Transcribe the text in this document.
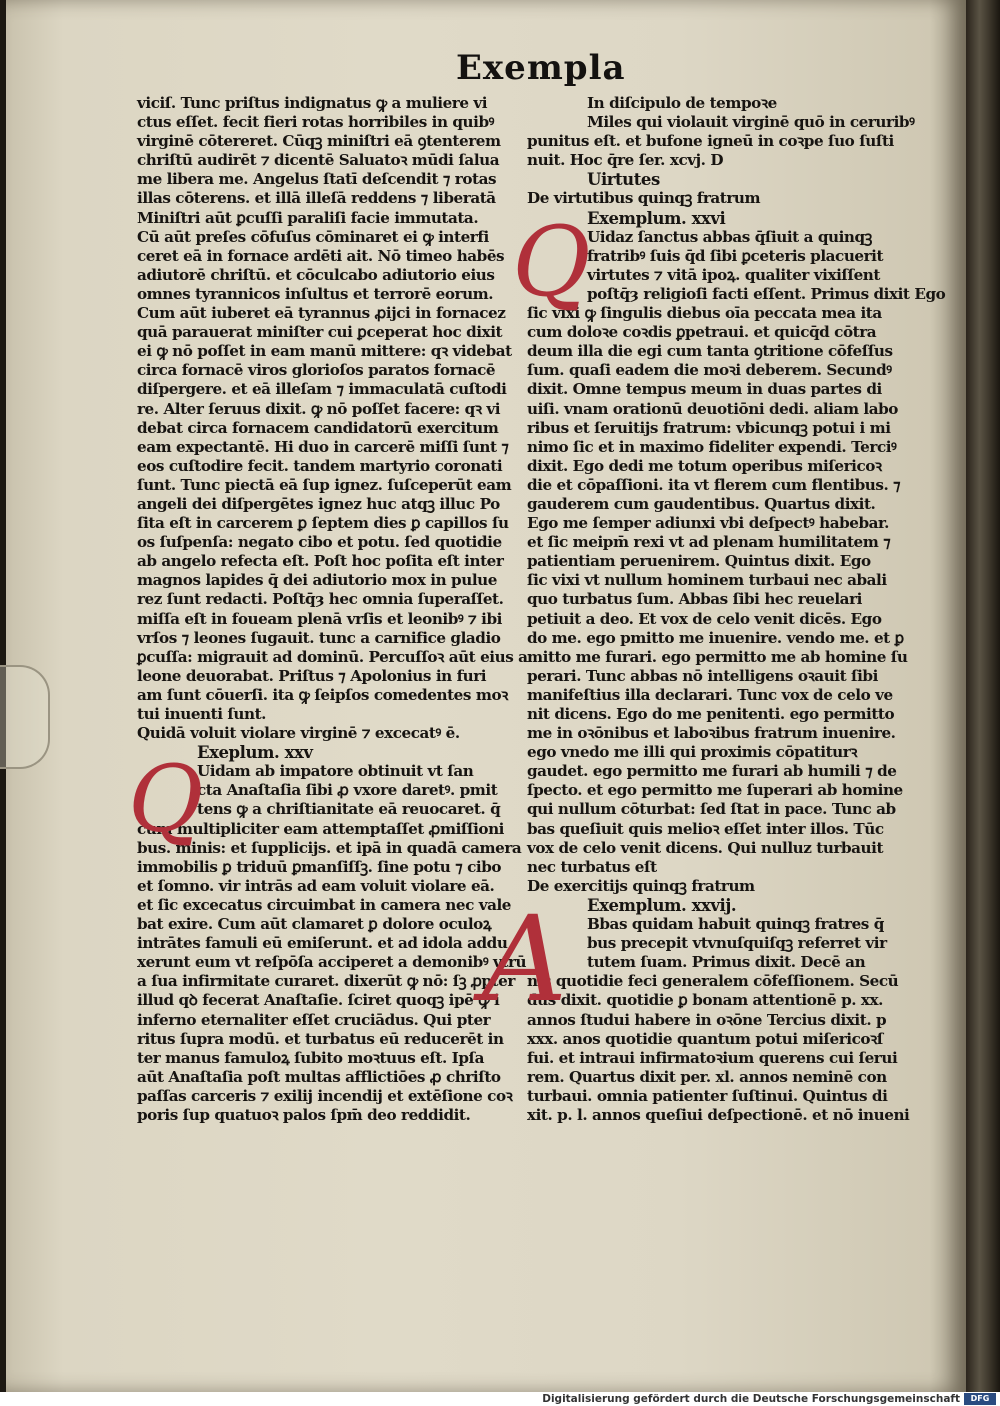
Exempla
viciſ. Tunc priſtus indignatus ꝙ a muliere vi
ctus eſſet. fecit fieri rotas horribiles in quibꝰ
virginē cōtereret. Cūqꝫ miniſtri eā ꝯtenterem
chriſtū audirēt ⁊ dicentē Saluatoꝛ mūdi ſalua
me libera me. Angelus ſtatī deſcendit ⁊ rotas
illas cōterens. et illā illeſā reddens ⁊ liberatā
Miniſtri aūt ꝑcuſſi paraliſi facie immutata.
Cū aūt preſes cōfuſus cōminaret ei ꝙ interfi
ceret eā in fornace ardēti ait. Nō timeo habēs
adiutorē chriſtū. et cōculcabo adiutorio eius
omnes tyrannicos inſultus et terrorē eorum.
Cum aūt iuberet eā tyrannus ꝓijci in fornacez
quā parauerat miniſter cui ꝑceperat hoc dixit
ei ꝙ nō poſſet in eam manū mittere: qꝛ videbat
circa fornacē viros glorioſos paratos fornacē
diſpergere. et eā illeſam ⁊ immaculatā cuſtodi
re. Alter ſeruus dixit. ꝙ nō poſſet facere: qꝛ vi
debat circa fornacem candidatorū exercitum
eam expectantē. Hi duo in carcerē miſſi ſunt ⁊
eos cuſtodire fecit. tandem martyrio coronati
ſunt. Tunc piectā eā ſup ignez. ſuſceperūt eam
angeli dei diſpergētes ignez huc atqꝫ illuc Po
ſita eſt in carcerem ꝑ ſeptem dies ꝑ capillos ſu
os ſuſpenſa: negato cibo et potu. ſed quotidie
ab angelo refecta eſt. Poſt hoc poſita eſt inter
magnos lapides q̄ dei adiutorio mox in pulue
rez ſunt redacti. Poſtq̄ȝ hec omnia ſuperaſſet.
miſſa eſt in foueam plenā vrſis et leonibꝰ ⁊ ibi
vrſos ⁊ leones ſugauit. tunc a carnifice gladio
ꝑcuſſa: migrauit ad dominū. Percuſſoꝛ aūt eius a
leone deuorabat. Priſtus ⁊ Apolonius in furi
am ſunt cōuerſi. ita ꝙ ſeipſos comedentes moꝛ
tui inuenti ſunt.
Quidā voluit violare virginē ⁊ excecatꝰ ē.
Exeplum. xxv
Uidam ab impatore obtinuit vt ſan
cta Anaſtaſia ſibi ꝓ vxore daretꝰ. pmit
tens ꝙ a chriſtianitate eā reuocaret. q̄
cum multipliciter eam attemptaſſet ꝓmiſſioni
bus. minis: et ſupplicijs. et ipā in quadā camera
immobilis ꝑ triduū ꝑmanſiſſꝫ. ſine potu ⁊ cibo
et ſomno. vir intrās ad eam voluit violare eā.
et ſic excecatus circuimbat in camera nec vale
bat exire. Cum aūt clamaret ꝑ dolore oculoꝝ
intrātes famuli eū emiſerunt. et ad idola addu
xerunt eum vt reſpōſa acciperet a demonibꝰ vtrū
a ſua infirmitate curaret. dixerūt ꝙ nō: ſꝫ ꝓpter
illud qꝺ fecerat Anaſtaſie. ſciret quoqꝫ ipē ꝙ i
inferno eternaliter eſſet cruciādus. Qui pter
ritus ſupra modū. et turbatus eū reducerēt in
ter manus famuloꝝ ſubito moꝛtuus eſt. Ipſa
aūt Anaſtaſia poſt multas afflictiōes ꝓ chriſto
paſſas carceris ⁊ exilij incendij et extēſione coꝛ
poris ſup quatuoꝛ palos ſpm̄ deo reddidit.
In diſcipulo de tempoꝛe
Miles qui violauit virginē quō in ceruribꝰ
punitus eſt. et bufone igneū in coꝛpe ſuo ſuſti
nuit. Hoc q̄re ſer. xcvj. D
Uirtutes
De virtutibus quinqꝫ fratrum
Exemplum. xxvi
Uidaz ſanctus abbas q̄ſiuit a quinqꝫ
fratribꝰ ſuis q̄d ſibi ꝑceteris placuerit
virtutes ⁊ vitā ipoꝝ. qualiter vixiſſent
poſtq̄ȝ religioſi facti eſſent. Primus dixit Ego
ſic vixi ꝙ ſingulis diebus oīa peccata mea ita
cum doloꝛe coꝛdis ꝑpetraui. et quicq̄d cōtra
deum illa die egi cum tanta ꝯtritione cōfeſſus
ſum. quaſi eadem die moꝛi deberem. Secundꝰ
dixit. Omne tempus meum in duas partes di
uiſi. vnam orationū deuotiōni dedi. aliam labo
ribus et ſeruitijs fratrum: vbicunqꝫ potui i mi
nimo ſic et in maximo fideliter expendi. Terciꝰ
dixit. Ego dedi me totum operibus miſericoꝛ
die et cōpaſſioni. ita vt flerem cum flentibus. ⁊
gauderem cum gaudentibus. Quartus dixit.
Ego me ſemper adiunxi vbi deſpectꝰ habebar.
et ſic meipm̄ rexi vt ad plenam humilitatem ⁊
patientiam peruenirem. Quintus dixit. Ego
ſic vixi vt nullum hominem turbaui nec abali
quo turbatus ſum. Abbas ſibi hec reuelari
petiuit a deo. Et vox de celo venit dicēs. Ego
do me. ego pmitto me inuenire. vendo me. et ꝑ
mitto me furari. ego permitto me ab homine ſu
perari. Tunc abbas nō intelligens oꝛauit ſibi
manifeſtius illa declarari. Tunc vox de celo ve
nit dicens. Ego do me penitenti. ego permitto
me in oꝛōnibus et laboꝛibus fratrum inuenire.
ego vnedo me illi qui proximis cōpatiturꝛ
gaudet. ego permitto me furari ab humili ⁊ de
ſpecto. et ego permitto me ſuperari ab homine
qui nullum cōturbat: ſed ſtat in pace. Tunc ab
bas queſiuit quis melioꝛ eſſet inter illos. Tūc
vox de celo venit dicens. Qui nulluz turbauit
nec turbatus eſt
De exercitijs quinqꝫ fratrum
Exemplum. xxvij.
Bbas quidam habuit quinqꝫ fratres q̄
bus precepit vtvnuſquiſqꝫ referret vir
tutem ſuam. Primus dixit. Decē an
nis quotidie feci generalem cōfeſſionem. Secū
dus dixit. quotidie ꝑ bonam attentionē p. xx.
annos ſtudui habere in oꝛōne Tercius dixit. p
xxx. anos quotidie quantum potui miſericoꝛſ
fui. et intraui infirmatoꝛium querens cui ſerui
rem. Quartus dixit per. xl. annos neminē con
turbaui. omnia patienter ſuſtinui. Quintus di
xit. p. l. annos queſiui deſpectionē. et nō inueni
Q
Q
A
Digitalisierung gefördert durch die Deutsche Forschungsgemeinschaft	DFG
